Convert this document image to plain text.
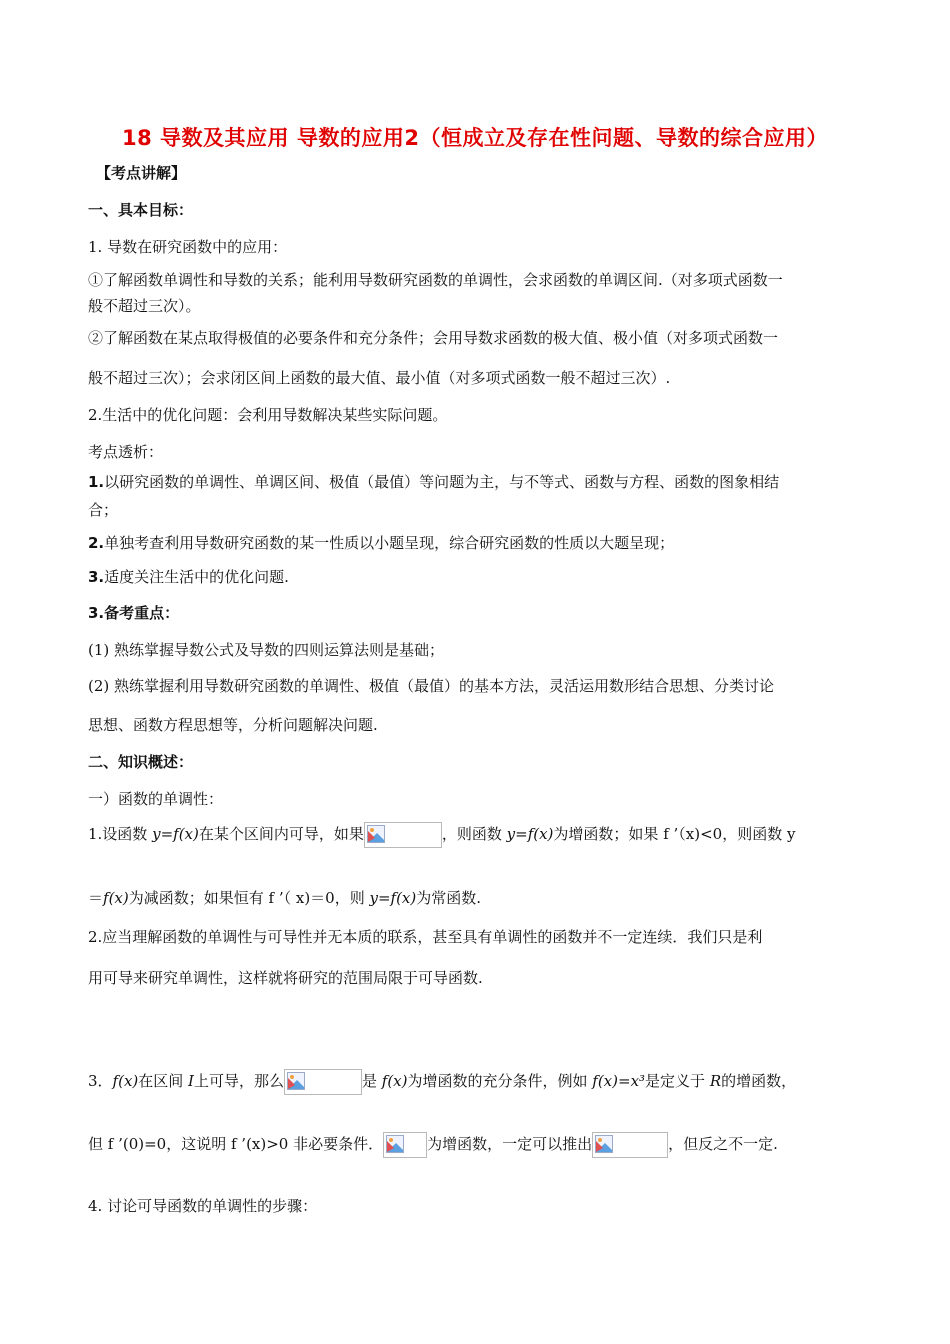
18 导数及其应用 导数的应用2（恒成立及存在性问题、导数的综合应用）
【考点讲解】
一、具本目标：
1. 导数在研究函数中的应用：
①了解函数单调性和导数的关系；能利用导数研究函数的单调性，会求函数的单调区间.（对多项式函数一
般不超过三次）。
②了解函数在某点取得极值的必要条件和充分条件；会用导数求函数的极大值、极小值（对多项式函数一
般不超过三次）；会求闭区间上函数的最大值、最小值（对多项式函数一般不超过三次）.
2.生活中的优化问题：会利用导数解决某些实际问题。
考点透析：
1.以研究函数的单调性、单调区间、极值（最值）等问题为主，与不等式、函数与方程、函数的图象相结
合；
2.单独考查利用导数研究函数的某一性质以小题呈现，综合研究函数的性质以大题呈现；
3.适度关注生活中的优化问题.
3.备考重点：
(1) 熟练掌握导数公式及导数的四则运算法则是基础；
(2) 熟练掌握利用导数研究函数的单调性、极值（最值）的基本方法，灵活运用数形结合思想、分类讨论
思想、函数方程思想等，分析问题解决问题.
二、知识概述：
一）函数的单调性：
1.设函数 y=f(x)在某个区间内可导，如果	，则函数 y=f(x)为增函数；如果 f ’（x)<0，则函数 y
＝f(x)为减函数；如果恒有 f ’（ x)＝0，则 y=f(x)为常函数.
2.应当理解函数的单调性与可导性并无本质的联系，甚至具有单调性的函数并不一定连续．我们只是利
用可导来研究单调性，这样就将研究的范围局限于可导函数.
3．f(x)在区间 I上可导，那么	是 f(x)为增函数的充分条件，例如 f(x)=x³是定义于 R的增函数，
但 f ’(0)=0，这说明 f ’(x)>0 非必要条件．	为增函数，一定可以推出	，但反之不一定.
4. 讨论可导函数的单调性的步骤：
